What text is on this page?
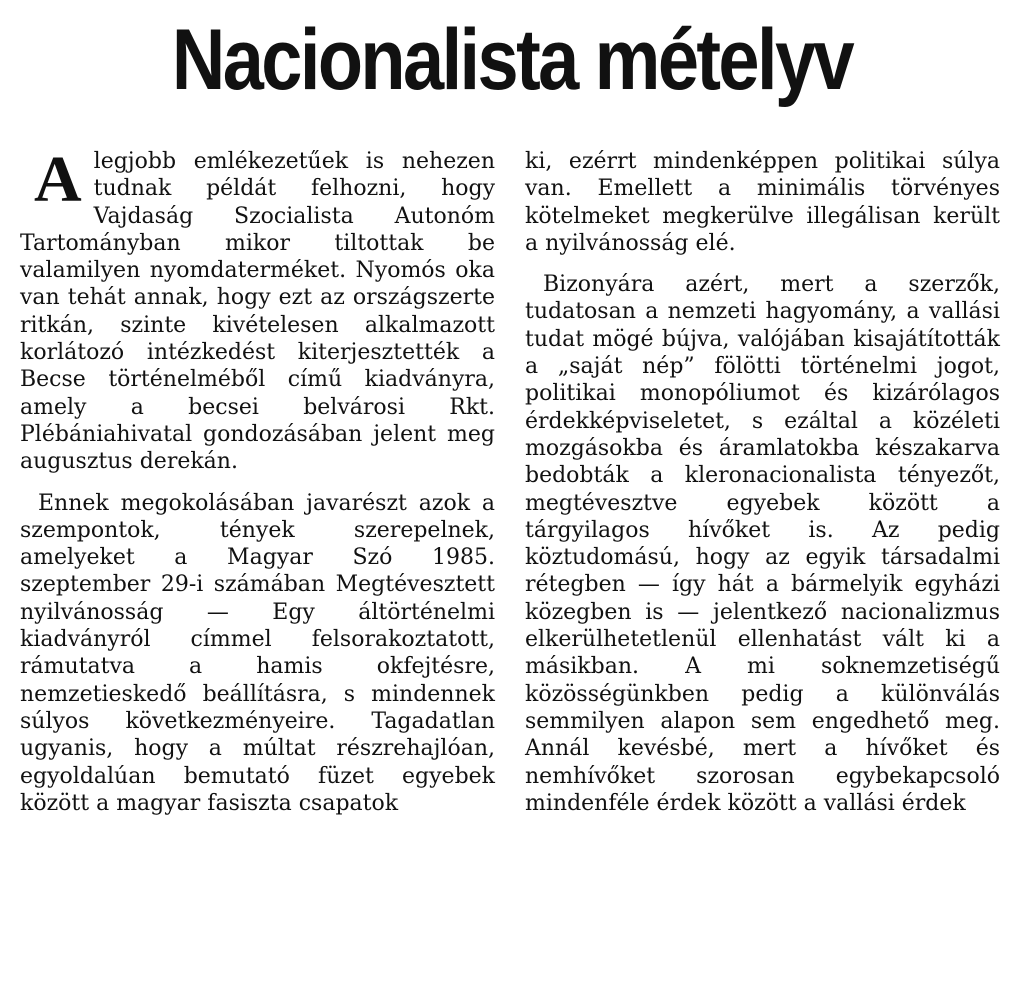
Nacionalista mételyv

A legjobb emlékezetűek is nehezen tudnak példát felhozni, hogy Vajdaság Szocialista Autonóm Tartományban mikor tiltottak be valamilyen nyomdaterméket. Nyomós oka van tehát annak, hogy ezt az országszerte ritkán, szinte kivételesen alkalmazott korlátozó intézkedést kiterjesztették a Becse történelméből című kiadványra, amely a becsei belvárosi Rkt. Plébániahivatal gondozásában jelent meg augusztus derekán.

Ennek megokolásában javarészt azok a szempontok, tények szerepelnek, amelyeket a Magyar Szó 1985. szeptember 29-i számában Megtévesztett nyilvánosság — Egy áltörténelmi kiadványról címmel felsorakoztatott, rámutatva a hamis okfejtésre, nemzetieskedő beállításra, s mindennek súlyos következményeire. Tagadatlan ugyanis, hogy a múltat részrehajlóan, egyoldalúan bemutató füzet egyebek között a magyar fasiszta csapatok

ki, ezérrt mindenképpen politikai súlya van. Emellett a minimális törvényes kötelmeket megkerülve illegálisan került a nyilvánosság elé.

Bizonyára azért, mert a szerzők, tudatosan a nemzeti hagyomány, a vallási tudat mögé bújva, valójában kisajátították a „saját nép” fölötti történelmi jogot, politikai monopóliumot és kizárólagos érdekképviseletet, s ezáltal a közéleti mozgásokba és áramlatokba készakarva bedobták a kleronacionalista tényezőt, megtévesztve egyebek között a tárgyilagos hívőket is. Az pedig köztudomású, hogy az egyik társadalmi rétegben — így hát a bármelyik egyházi közegben is — jelentkező nacionalizmus elkerülhetetlenül ellenhatást vált ki a másikban. A mi soknemzetiségű közösségünkben pedig a különválás semmilyen alapon sem engedhető meg. Annál kevésbé, mert a hívőket és nemhívőket szorosan egybekapcsoló mindenféle érdek között a vallási érdek
